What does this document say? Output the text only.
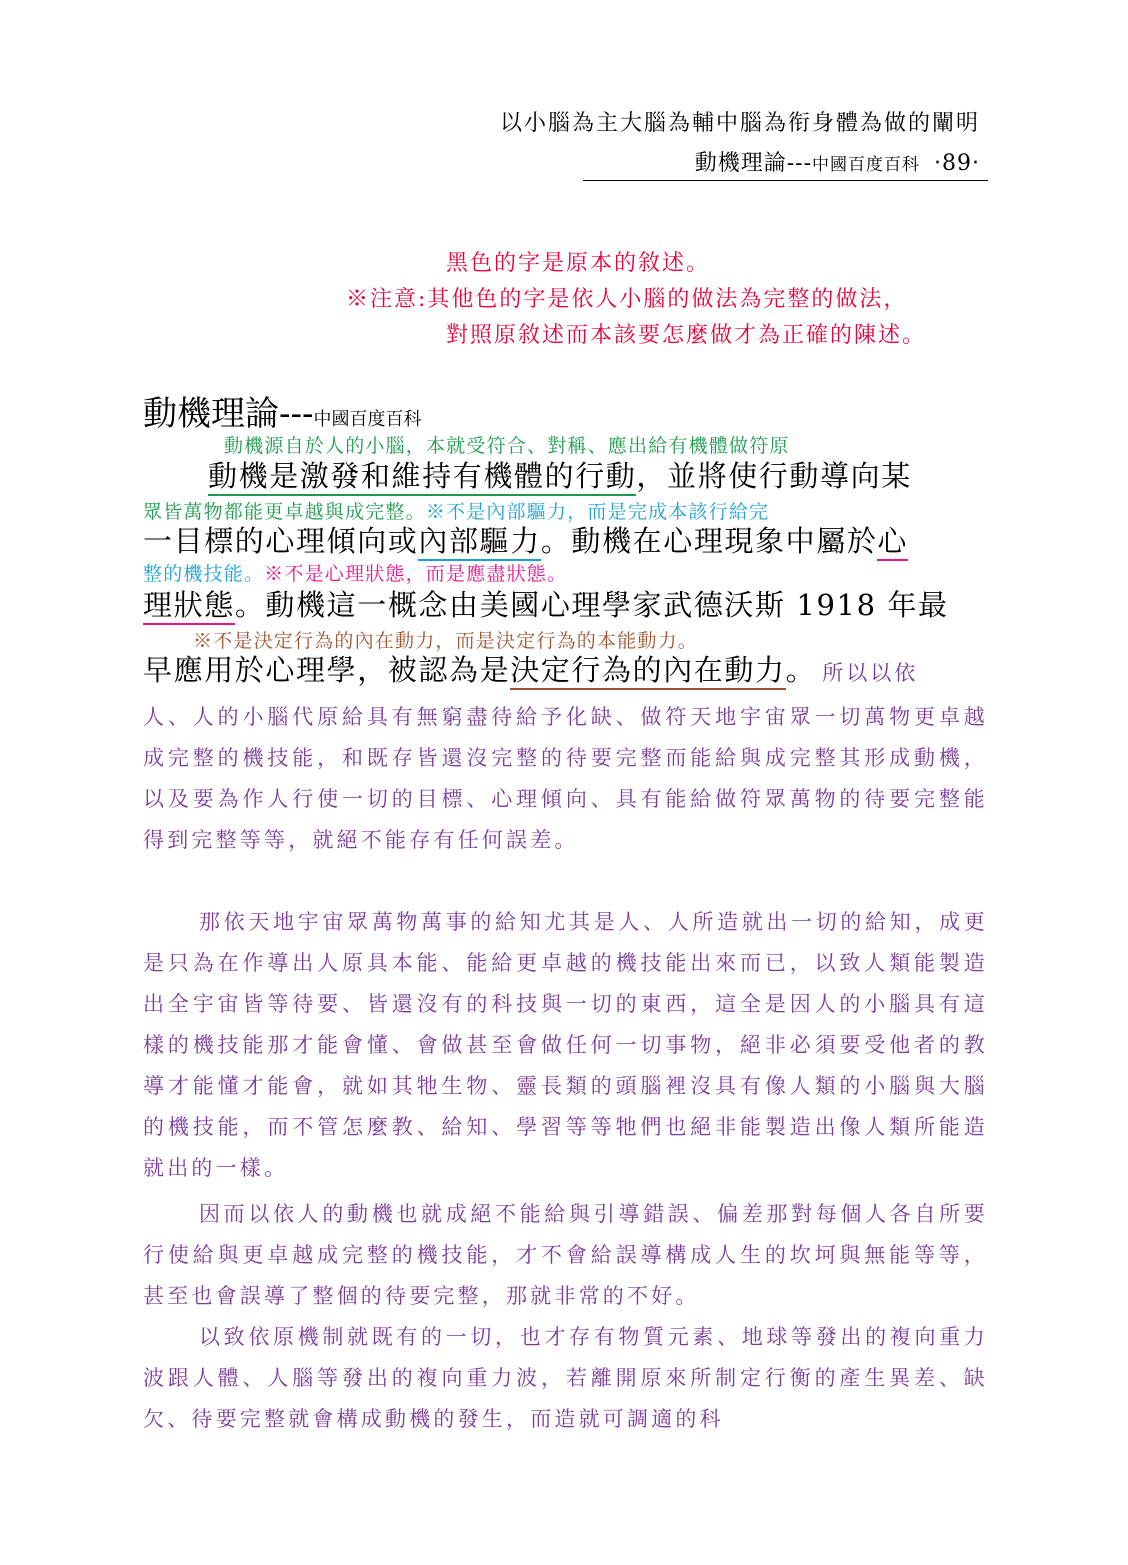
以小腦為主大腦為輔中腦為衔身體為做的闡明
動機理論---中國百度百科 ‧89‧
黑色的字是原本的敘述。
※注意:其他色的字是依人小腦的做法為完整的做法，
對照原敘述而本該要怎麼做才為正確的陳述。
動機理論---中國百度百科
動機源自於人的小腦，本就受符合、對稱、應出給有機體做符原
動機是激發和維持有機體的行動，並將使行動導向某
眾皆萬物都能更卓越與成完整。※不是內部驅力，而是完成本該行給完
一目標的心理傾向或內部驅力。動機在心理現象中屬於心
整的機技能。※不是心理狀態，而是應盡狀態。
理狀態。動機這一概念由美國心理學家武德沃斯 1918 年最
※不是決定行為的內在動力，而是決定行為的本能動力。
早應用於心理學，被認為是決定行為的內在動力。 所以以依

人、人的小腦代原給具有無窮盡待給予化缺、做符天地宇宙眾一切萬物更卓越成完整的機技能，和既存皆還沒完整的待要完整而能給與成完整其形成動機，以及要為作人行使一切的目標、心理傾向、具有能給做符眾萬物的待要完整能得到完整等等，就絕不能存有任何誤差。

那依天地宇宙眾萬物萬事的給知尤其是人、人所造就出一切的給知，成更是只為在作導出人原具本能、能給更卓越的機技能出來而已，以致人類能製造出全宇宙皆等待要、皆還沒有的科技與一切的東西，這全是因人的小腦具有這樣的機技能那才能會懂、會做甚至會做任何一切事物，絕非必須要受他者的教導才能懂才能會，就如其牠生物、靈長類的頭腦裡沒具有像人類的小腦與大腦的機技能，而不管怎麼教、給知、學習等等牠們也絕非能製造出像人類所能造就出的一樣。

因而以依人的動機也就成絕不能給與引導錯誤、偏差那對每個人各自所要行使給與更卓越成完整的機技能，才不會給誤導構成人生的坎坷與無能等等，甚至也會誤導了整個的待要完整，那就非常的不好。

以致依原機制就既有的一切，也才存有物質元素、地球等發出的複向重力波跟人體、人腦等發出的複向重力波，若離開原來所制定行衡的產生異差、缺欠、待要完整就會構成動機的發生，而造就可調適的科
